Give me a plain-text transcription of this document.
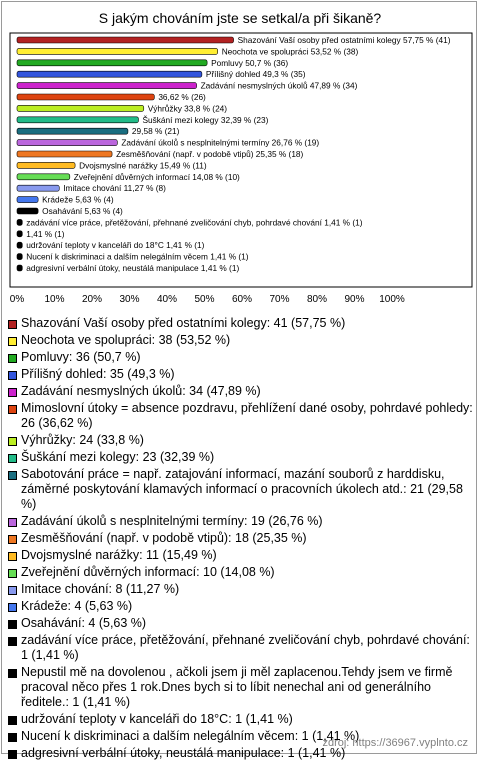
S jakým chováním jste se setkal/a při šikaně?
Shazování Vaší osoby před ostatními kolegy 57,75 % (41)
Neochota ve spolupráci 53,52 % (38)
Pomluvy 50,7 % (36)
Přílišný dohled 49,3 % (35)
Zadávání nesmyslných úkolů 47,89 % (34)
36,62 % (26)
Výhrůžky 33,8 % (24)
Šuškání mezi kolegy 32,39 % (23)
29,58 % (21)
Zadávání úkolů s nesplnitelnými termíny 26,76 % (19)
Zesměšňování (např. v podobě vtipů) 25,35 % (18)
Dvojsmyslné narážky 15,49 % (11)
Zveřejnění důvěrných informací 14,08 % (10)
Imitace chování 11,27 % (8)
Krádeže 5,63 % (4)
Osahávání 5,63 % (4)
zadávání více práce, přetěžování, přehnané zveličování chyb, pohrdavé chování 1,41 % (1)
1,41 % (1)
udržování teploty v kanceláři do 18°C 1,41 % (1)
Nucení k diskriminaci a dalším nelegálním věcem 1,41 % (1)
adgresivní verbální útoky, neustálá manipulace 1,41 % (1)
0% 10% 20% 30% 40% 50% 60% 70% 80% 90% 100%
Shazování Vaší osoby před ostatními kolegy: 41 (57,75 %)
Neochota ve spolupráci: 38 (53,52 %)
Pomluvy: 36 (50,7 %)
Přílišný dohled: 35 (49,3 %)
Zadávání nesmyslných úkolů: 34 (47,89 %)
Mimoslovní útoky = absence pozdravu, přehlížení dané osoby, pohrdavé pohledy: 26 (36,62 %)
Výhrůžky: 24 (33,8 %)
Šuškání mezi kolegy: 23 (32,39 %)
Sabotování práce = např. zatajování informací, mazání souborů z harddisku, záměrné poskytování klamavých informací o pracovních úkolech atd.: 21 (29,58 %)
Zadávání úkolů s nesplnitelnými termíny: 19 (26,76 %)
Zesměšňování (např. v podobě vtipů): 18 (25,35 %)
Dvojsmyslné narážky: 11 (15,49 %)
Zveřejnění důvěrných informací: 10 (14,08 %)
Imitace chování: 8 (11,27 %)
Krádeže: 4 (5,63 %)
Osahávání: 4 (5,63 %)
zadávání více práce, přetěžování, přehnané zveličování chyb, pohrdavé chování: 1 (1,41 %)
Nepustil mě na dovolenou , ačkoli jsem ji měl zaplacenou.Tehdy jsem ve firmě pracoval něco přes 1 rok.Dnes bych si to líbit nenechal ani od generálního ředitele.: 1 (1,41 %)
udržování teploty v kanceláři do 18°C: 1 (1,41 %)
Nucení k diskriminaci a dalším nelegálním věcem: 1 (1,41 %)
adgresivní verbální útoky, neustálá manipulace: 1 (1,41 %)
zdroj: https://36967.vyplnto.cz
